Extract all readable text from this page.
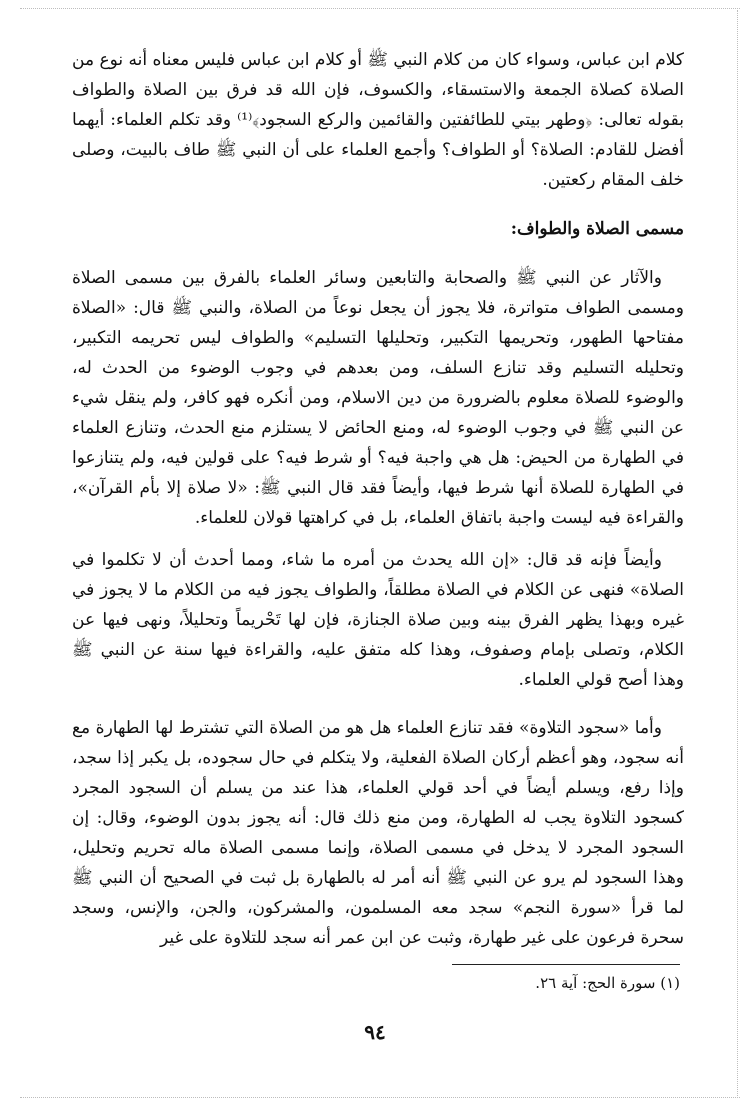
كلام ابن عباس، وسواء كان من كلام النبي ﷺ أو كلام ابن عباس فليس معناه أنه نوع من الصلاة كصلاة الجمعة والاستسقاء، والكسوف، فإن الله قد فرق بين الصلاة والطواف بقوله تعالى: ﴿وطهر بيتي للطائفتين والقائمين والركع السجود﴾⁽¹⁾ وقد تكلم العلماء: أيهما أفضل للقادم: الصلاة؟ أو الطواف؟ وأجمع العلماء على أن النبي ﷺ طاف بالبيت، وصلى خلف المقام ركعتين.

مسمى الصلاة والطواف:

والآثار عن النبي ﷺ والصحابة والتابعين وسائر العلماء بالفرق بين مسمى الصلاة ومسمى الطواف متواترة، فلا يجوز أن يجعل نوعاً من الصلاة، والنبي ﷺ قال: «الصلاة مفتاحها الطهور، وتحريمها التكبير، وتحليلها التسليم» والطواف ليس تحريمه التكبير، وتحليله التسليم وقد تنازع السلف، ومن بعدهم في وجوب الوضوء من الحدث له، والوضوء للصلاة معلوم بالضرورة من دين الاسلام، ومن أنكره فهو كافر، ولم ينقل شيء عن النبي ﷺ في وجوب الوضوء له، ومنع الحائض لا يستلزم منع الحدث، وتنازع العلماء في الطهارة من الحيض: هل هي واجبة فيه؟ أو شرط فيه؟ على قولين فيه، ولم يتنازعوا في الطهارة للصلاة أنها شرط فيها، وأيضاً فقد قال النبي ﷺ: «لا صلاة إلا بأم القرآن»، والقراءة فيه ليست واجبة باتفاق العلماء، بل في كراهتها قولان للعلماء.

وأيضاً فإنه قد قال: «إن الله يحدث من أمره ما شاء، ومما أحدث أن لا تكلموا في الصلاة» فنهى عن الكلام في الصلاة مطلقاً، والطواف يجوز فيه من الكلام ما لا يجوز في غيره وبهذا يظهر الفرق بينه وبين صلاة الجنازة، فإن لها تَحْريماً وتحليلاً، ونهى فيها عن الكلام، وتصلى بإمام وصفوف، وهذا كله متفق عليه، والقراءة فيها سنة عن النبي ﷺ وهذا أصح قولي العلماء.

وأما «سجود التلاوة» فقد تنازع العلماء هل هو من الصلاة التي تشترط لها الطهارة مع أنه سجود، وهو أعظم أركان الصلاة الفعلية، ولا يتكلم في حال سجوده، بل يكبر إذا سجد، وإذا رفع، ويسلم أيضاً في أحد قولي العلماء، هذا عند من يسلم أن السجود المجرد كسجود التلاوة يجب له الطهارة، ومن منع ذلك قال: أنه يجوز بدون الوضوء، وقال: إن السجود المجرد لا يدخل في مسمى الصلاة، وإنما مسمى الصلاة ماله تحريم وتحليل، وهذا السجود لم يرو عن النبي ﷺ أنه أمر له بالطهارة بل ثبت في الصحيح أن النبي ﷺ لما قرأ «سورة النجم» سجد معه المسلمون، والمشركون، والجن، والإنس، وسجد سحرة فرعون على غير طهارة، وثبت عن ابن عمر أنه سجد للتلاوة على غير

(١) سورة الحج: آية ٢٦.

٩٤
